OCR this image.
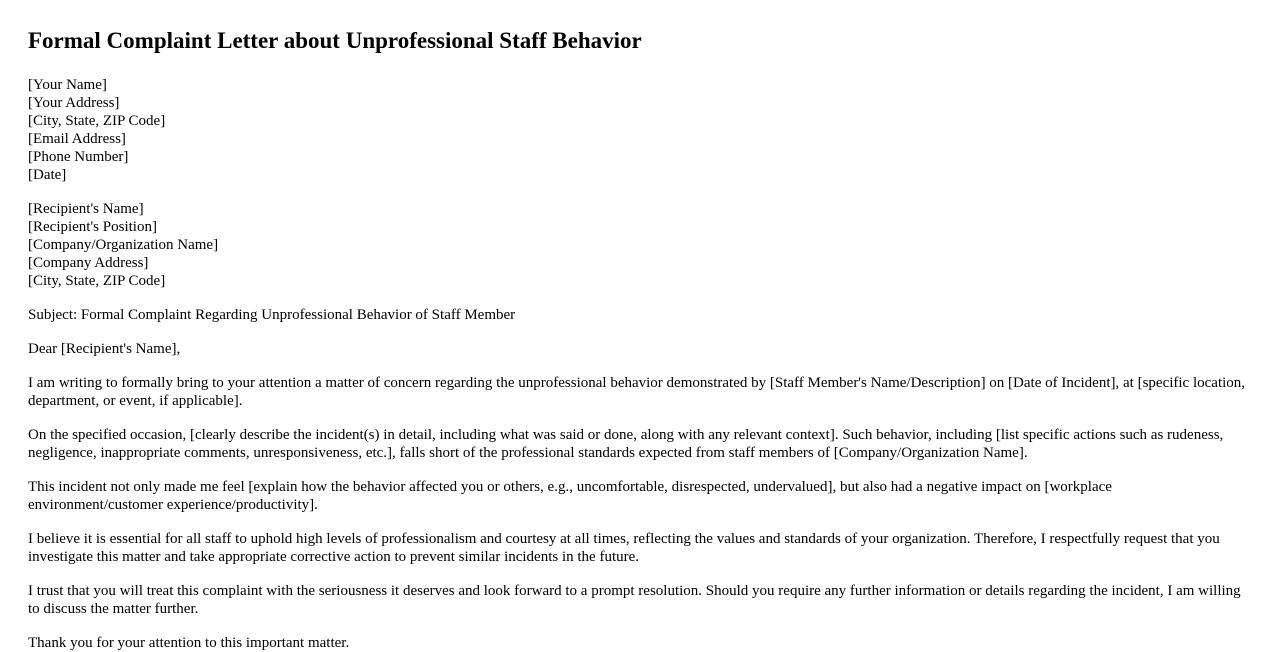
Formal Complaint Letter about Unprofessional Staff Behavior
[Your Name]
[Your Address]
[City, State, ZIP Code]
[Email Address]
[Phone Number]
[Date]
[Recipient's Name]
[Recipient's Position]
[Company/Organization Name]
[Company Address]
[City, State, ZIP Code]

Subject: Formal Complaint Regarding Unprofessional Behavior of Staff Member

Dear [Recipient's Name],

I am writing to formally bring to your attention a matter of concern regarding the unprofessional behavior demonstrated by [Staff Member's Name/Description] on [Date of Incident], at [specific location, department, or event, if applicable].

On the specified occasion, [clearly describe the incident(s) in detail, including what was said or done, along with any relevant context]. Such behavior, including [list specific actions such as rudeness, negligence, inappropriate comments, unresponsiveness, etc.], falls short of the professional standards expected from staff members of [Company/Organization Name].

This incident not only made me feel [explain how the behavior affected you or others, e.g., uncomfortable, disrespected, undervalued], but also had a negative impact on [workplace environment/customer experience/productivity].

I believe it is essential for all staff to uphold high levels of professionalism and courtesy at all times, reflecting the values and standards of your organization. Therefore, I respectfully request that you investigate this matter and take appropriate corrective action to prevent similar incidents in the future.

I trust that you will treat this complaint with the seriousness it deserves and look forward to a prompt resolution. Should you require any further information or details regarding the incident, I am willing to discuss the matter further.

Thank you for your attention to this important matter.
